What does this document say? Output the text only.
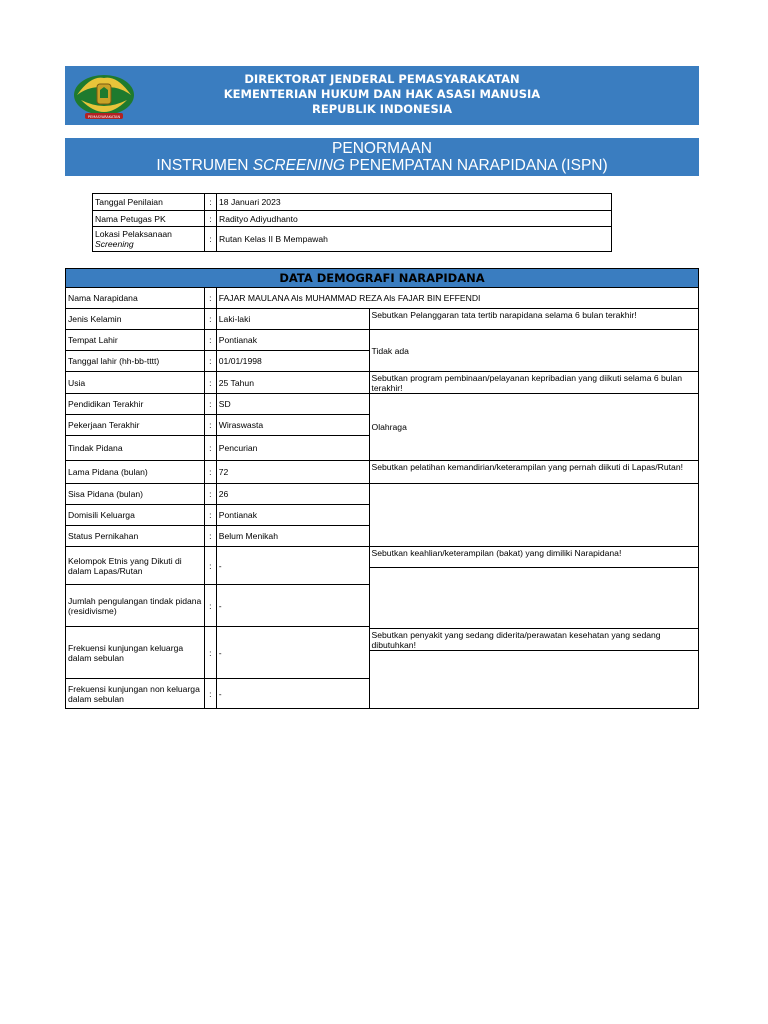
PEMASYARAKATAN
DIREKTORAT JENDERAL PEMASYARAKATAN
KEMENTERIAN HUKUM DAN HAK ASASI MANUSIA
REPUBLIK INDONESIA
PENORMAAN
INSTRUMEN SCREENING PENEMPATAN NARAPIDANA (ISPN)
Tanggal Penilaian	:	18 Januari 2023
Nama Petugas PK	:	Radityo Adiyudhanto

Lokasi Pelaksanaan
Screening	:	Rutan Kelas II B Mempawah
DATA DEMOGRAFI NARAPIDANA			
Nama Narapidana	:	FAJAR MAULANA Als MUHAMMAD REZA Als FAJAR BIN EFFENDI	
Jenis Kelamin	:	Laki-laki	Sebutkan Pelanggaran tata tertib narapidana selama 6 bulan terakhir!
Tempat Lahir	:	Pontianak	Tidak ada
Tanggal lahir (hh-bb-tttt)	:	01/01/1998	
Usia	:	25 Tahun	Sebutkan program pembinaan/pelayanan kepribadian yang diikuti selama 6 bulan terakhir!
Pendidikan Terakhir	:	SD	Olahraga
Pekerjaan Terakhir	:	Wiraswasta	
Tindak Pidana	:	Pencurian	
Lama Pidana (bulan)	:	72	Sebutkan pelatihan kemandirian/keterampilan yang pernah diikuti di Lapas/Rutan!
Sisa Pidana (bulan)	:	26	
Domisili Keluarga	:	Pontianak	
Status Pernikahan	:	Belum Menikah	
Kelompok Etnis yang Dikuti di dalam Lapas/Rutan	:	-	Sebutkan keahlian/keterampilan (bakat) yang dimiliki Narapidana!

Jumlah pengulangan tindak pidana (residivisme)	:	-	
Frekuensi kunjungan keluarga dalam sebulan	:	-	
			Sebutkan penyakit yang sedang diderita/perawatan kesehatan yang sedang dibutuhkan!

Frekuensi kunjungan non keluarga dalam sebulan	:	-	
